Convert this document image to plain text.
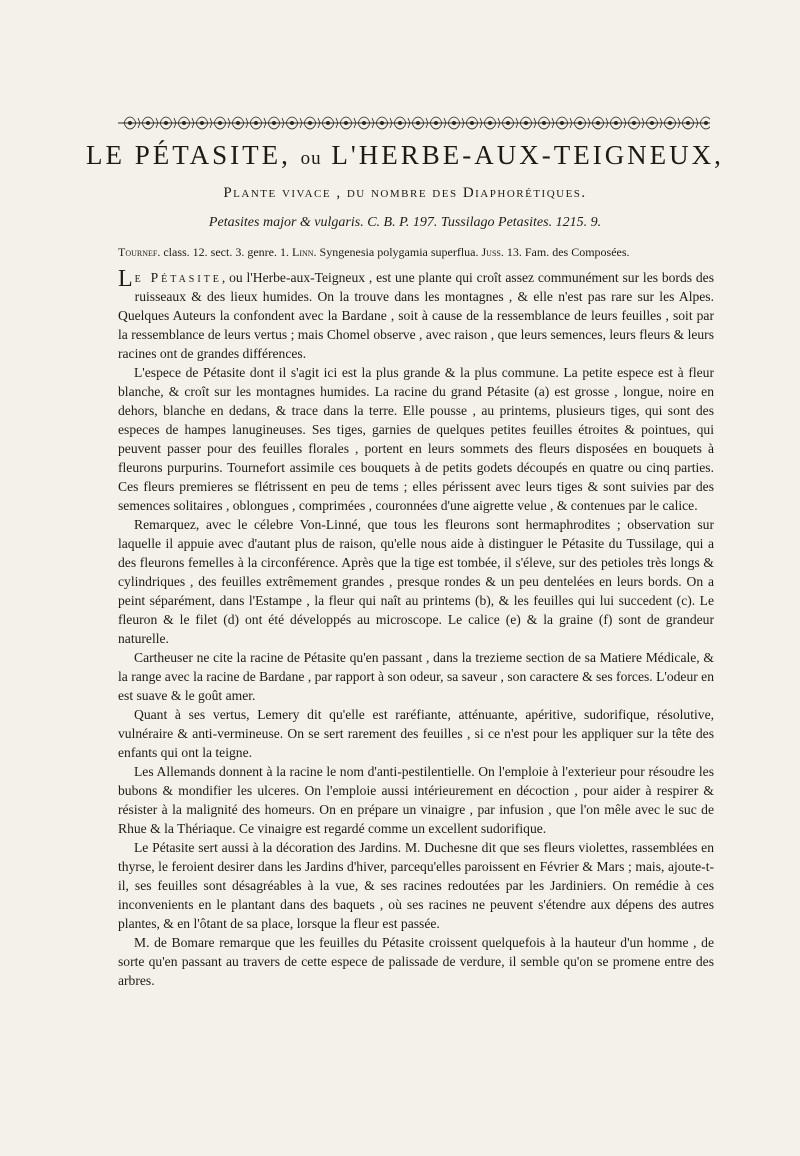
LE PÉTASITE, ou L'HERBE-AUX-TEIGNEUX,
Plante vivace , du nombre des Diaphorétiques.
Petasites major & vulgaris. C. B. P. 197. Tussilago Petasites. 1215. 9.
Tournef. class. 12. sect. 3. genre. 1. Linn. Syngenesia polygamia superflua. Juss. 13. Fam. des Composées.

Le Pétasite, ou l'Herbe-aux-Teigneux , est une plante qui croît assez communément sur les bords des ruisseaux & des lieux humides. On la trouve dans les montagnes , & elle n'est pas rare sur les Alpes. Quelques Auteurs la confondent avec la Bardane , soit à cause de la ressemblance de leurs feuilles , soit par la ressemblance de leurs vertus ; mais Chomel observe , avec raison , que leurs semences, leurs fleurs & leurs racines ont de grandes différences.

L'espece de Pétasite dont il s'agit ici est la plus grande & la plus commune. La petite espece est à fleur blanche, & croît sur les montagnes humides. La racine du grand Pétasite (a) est grosse , longue, noire en dehors, blanche en dedans, & trace dans la terre. Elle pousse , au printems, plusieurs tiges, qui sont des especes de hampes lanugineuses. Ses tiges, garnies de quelques petites feuilles étroites & pointues, qui peuvent passer pour des feuilles florales , portent en leurs sommets des fleurs disposées en bouquets à fleurons purpurins. Tournefort assimile ces bouquets à de petits godets découpés en quatre ou cinq parties. Ces fleurs premieres se flétrissent en peu de tems ; elles périssent avec leurs tiges & sont suivies par des semences solitaires , oblongues , comprimées , couronnées d'une aigrette velue , & contenues par le calice.

Remarquez, avec le célebre Von-Linné, que tous les fleurons sont hermaphrodites ; observation sur laquelle il appuie avec d'autant plus de raison, qu'elle nous aide à distinguer le Pétasite du Tussilage, qui a des fleurons femelles à la circonférence. Après que la tige est tombée, il s'éleve, sur des petioles très longs & cylindriques , des feuilles extrêmement grandes , presque rondes & un peu dentelées en leurs bords. On a peint séparément, dans l'Estampe , la fleur qui naît au printems (b), & les feuilles qui lui succedent (c). Le fleuron & le filet (d) ont été développés au microscope. Le calice (e) & la graine (f) sont de grandeur naturelle.

Cartheuser ne cite la racine de Pétasite qu'en passant , dans la trezieme section de sa Matiere Médicale, & la range avec la racine de Bardane , par rapport à son odeur, sa saveur , son caractere & ses forces. L'odeur en est suave & le goût amer.

Quant à ses vertus, Lemery dit qu'elle est raréfiante, atténuante, apéritive, sudorifique, résolutive, vulnéraire & anti-vermineuse. On se sert rarement des feuilles , si ce n'est pour les appliquer sur la tête des enfants qui ont la teigne.

Les Allemands donnent à la racine le nom d'anti-pestilentielle. On l'emploie à l'exterieur pour résoudre les bubons & mondifier les ulceres. On l'emploie aussi intérieurement en décoction , pour aider à respirer & résister à la malignité des homeurs. On en prépare un vinaigre , par infusion , que l'on mêle avec le suc de Rhue & la Thériaque. Ce vinaigre est regardé comme un excellent sudorifique.

Le Pétasite sert aussi à la décoration des Jardins. M. Duchesne dit que ses fleurs violettes, rassemblées en thyrse, le feroient desirer dans les Jardins d'hiver, parcequ'elles paroissent en Février & Mars ; mais, ajoute-t-il, ses feuilles sont désagréables à la vue, & ses racines redoutées par les Jardiniers. On remédie à ces inconvenients en le plantant dans des baquets , où ses racines ne peuvent s'étendre aux dépens des autres plantes, & en l'ôtant de sa place, lorsque la fleur est passée.

M. de Bomare remarque que les feuilles du Pétasite croissent quelquefois à la hauteur d'un homme , de sorte qu'en passant au travers de cette espece de palissade de verdure, il semble qu'on se promene entre des arbres.
